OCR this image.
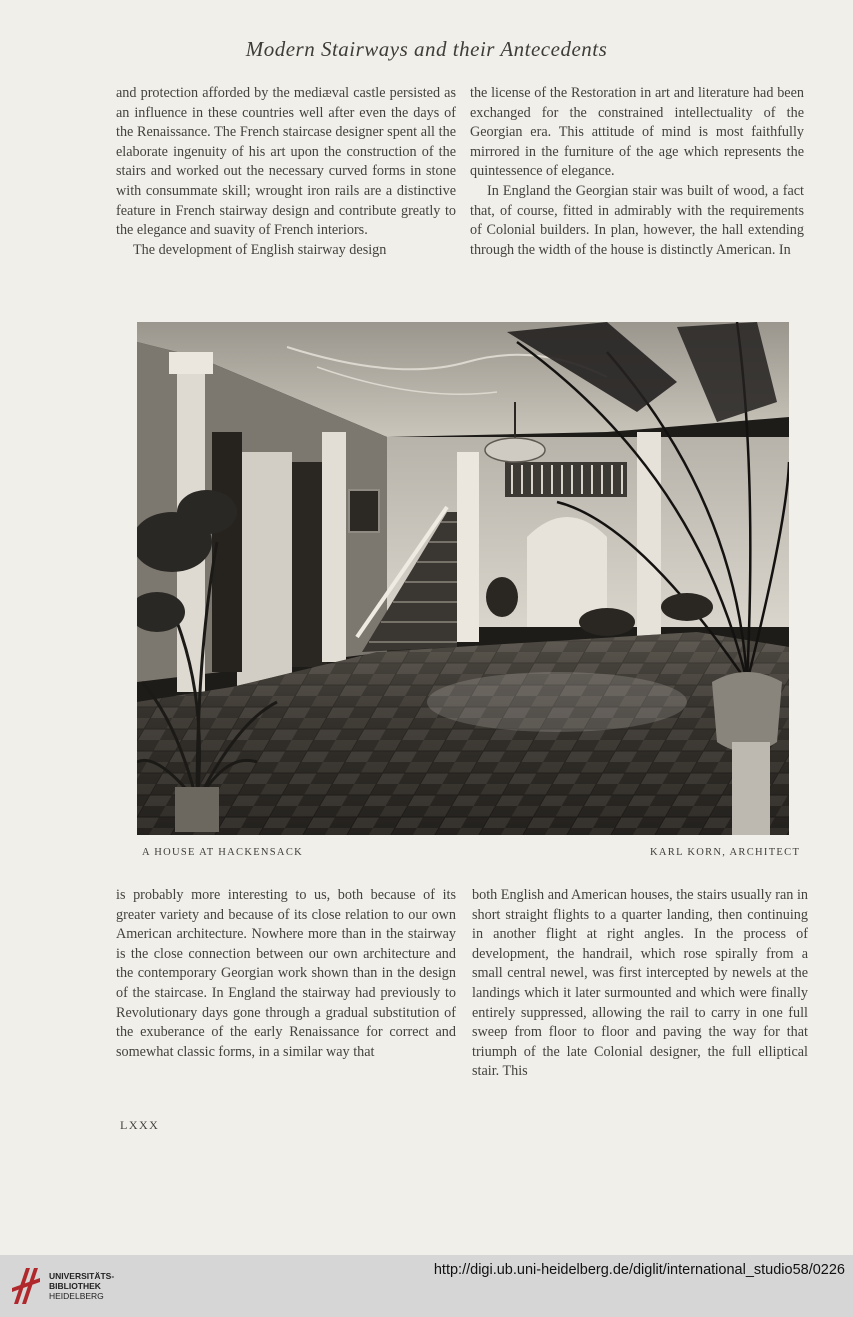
Modern Stairways and their Antecedents

and protection afforded by the mediæval castle persisted as an influence in these countries well after even the days of the Renaissance. The French staircase designer spent all the elaborate ingenuity of his art upon the construction of the stairs and worked out the necessary curved forms in stone with consummate skill; wrought iron rails are a distinctive feature in French stairway design and contribute greatly to the elegance and suavity of French interiors.

The development of English stairway design

the license of the Restoration in art and literature had been exchanged for the constrained intellectuality of the Georgian era. This attitude of mind is most faithfully mirrored in the furniture of the age which represents the quintessence of elegance.

In England the Georgian stair was built of wood, a fact that, of course, fitted in admirably with the requirements of Colonial builders. In plan, however, the hall extending through the width of the house is distinctly American. In

A HOUSE AT HACKENSACK	KARL KORN, ARCHITECT

is probably more interesting to us, both because of its greater variety and because of its close relation to our own American architecture. Nowhere more than in the stairway is the close connection between our own architecture and the contemporary Georgian work shown than in the design of the staircase. In England the stairway had previously to Revolutionary days gone through a gradual substitution of the exuberance of the early Renaissance for correct and somewhat classic forms, in a similar way that

both English and American houses, the stairs usually ran in short straight flights to a quarter landing, then continuing in another flight at right angles. In the process of development, the handrail, which rose spirally from a small central newel, was first intercepted by newels at the landings which it later surmounted and which were finally entirely suppressed, allowing the rail to carry in one full sweep from floor to floor and paving the way for that triumph of the late Colonial designer, the full elliptical stair. This

LXXX
UNIVERSITÄTS-
BIBLIOTHEK
HEIDELBERG
http://digi.ub.uni-heidelberg.de/diglit/international_studio58/0226
